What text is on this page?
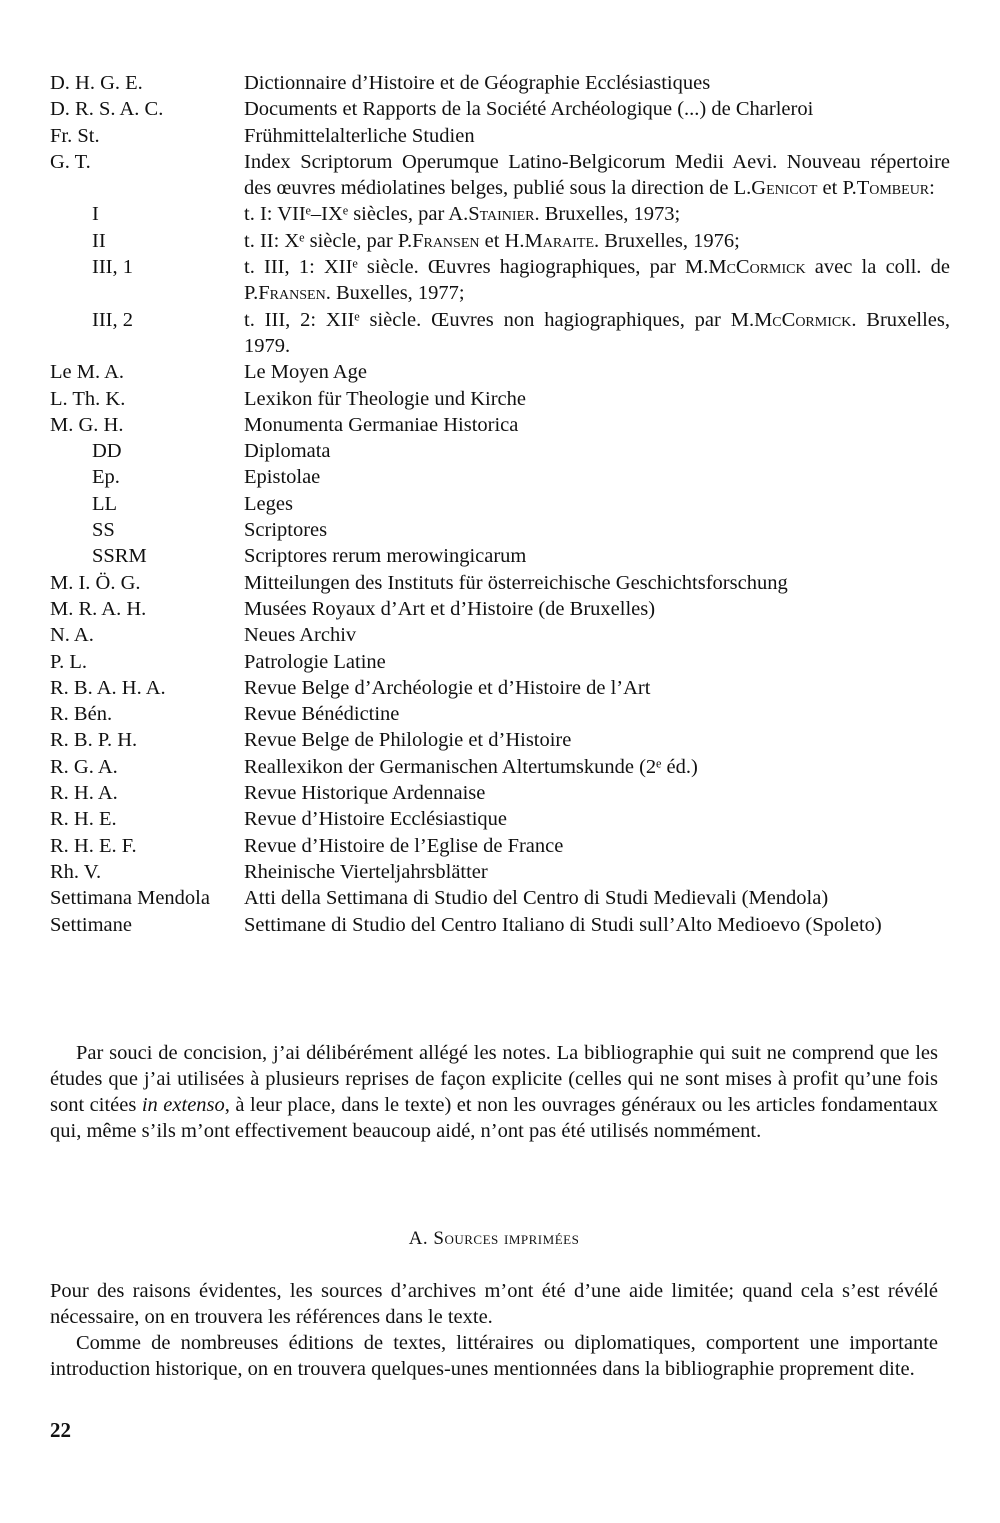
D. H. G. E.	Dictionnaire d’Histoire et de Géographie Ecclésiastiques
D. R. S. A. C.	Documents et Rapports de la Société Archéologique (...) de Charleroi
Fr. St.	Frühmittelalterliche Studien
G. T.	Index Scriptorum Operumque Latino-Belgicorum Medii Aevi. Nouveau répertoire des œuvres médiolatines belges, publié sous la direction de L.Genicot et P.Tombeur:
I	t. I: VIIᵉ–IXᵉ siècles, par A.Stainier. Bruxelles, 1973;
II	t. II: Xᵉ siècle, par P.Fransen et H.Maraite. Bruxelles, 1976;
III, 1	t. III, 1: XIIᵉ siècle. Œuvres hagiographiques, par M.McCormick avec la coll. de P.Fransen. Buxelles, 1977;
III, 2	t. III, 2: XIIᵉ siècle. Œuvres non hagiographiques, par M.McCormick. Bruxelles, 1979.
Le M. A.	Le Moyen Age
L. Th. K.	Lexikon für Theologie und Kirche
M. G. H.	Monumenta Germaniae Historica
DD	Diplomata
Ep.	Epistolae
LL	Leges
SS	Scriptores
SSRM	Scriptores rerum merowingicarum
M. I. Ö. G.	Mitteilungen des Instituts für österreichische Geschichtsforschung
M. R. A. H.	Musées Royaux d’Art et d’Histoire (de Bruxelles)
N. A.	Neues Archiv
P. L.	Patrologie Latine
R. B. A. H. A.	Revue Belge d’Archéologie et d’Histoire de l’Art
R. Bén.	Revue Bénédictine
R. B. P. H.	Revue Belge de Philologie et d’Histoire
R. G. A.	Reallexikon der Germanischen Altertumskunde (2ᵉ éd.)
R. H. A.	Revue Historique Ardennaise
R. H. E.	Revue d’Histoire Ecclésiastique
R. H. E. F.	Revue d’Histoire de l’Eglise de France
Rh. V.	Rheinische Vierteljahrsblätter
Settimana Mendola	Atti della Settimana di Studio del Centro di Studi Medievali (Mendola)
Settimane	Settimane di Studio del Centro Italiano di Studi sull’Alto Medioevo (Spoleto)

Par souci de concision, j’ai délibérément allégé les notes. La bibliographie qui suit ne comprend que les études que j’ai utilisées à plusieurs reprises de façon explicite (celles qui ne sont mises à profit qu’une fois sont citées in extenso, à leur place, dans le texte) et non les ouvrages généraux ou les articles fondamentaux qui, même s’ils m’ont effectivement beaucoup aidé, n’ont pas été utilisés nommément.

A. Sources imprimées

Pour des raisons évidentes, les sources d’archives m’ont été d’une aide limitée; quand cela s’est révélé nécessaire, on en trouvera les références dans le texte.

Comme de nombreuses éditions de textes, littéraires ou diplomatiques, comportent une importante introduction historique, on en trouvera quelques-unes mentionnées dans la bibliographie proprement dite.

22
